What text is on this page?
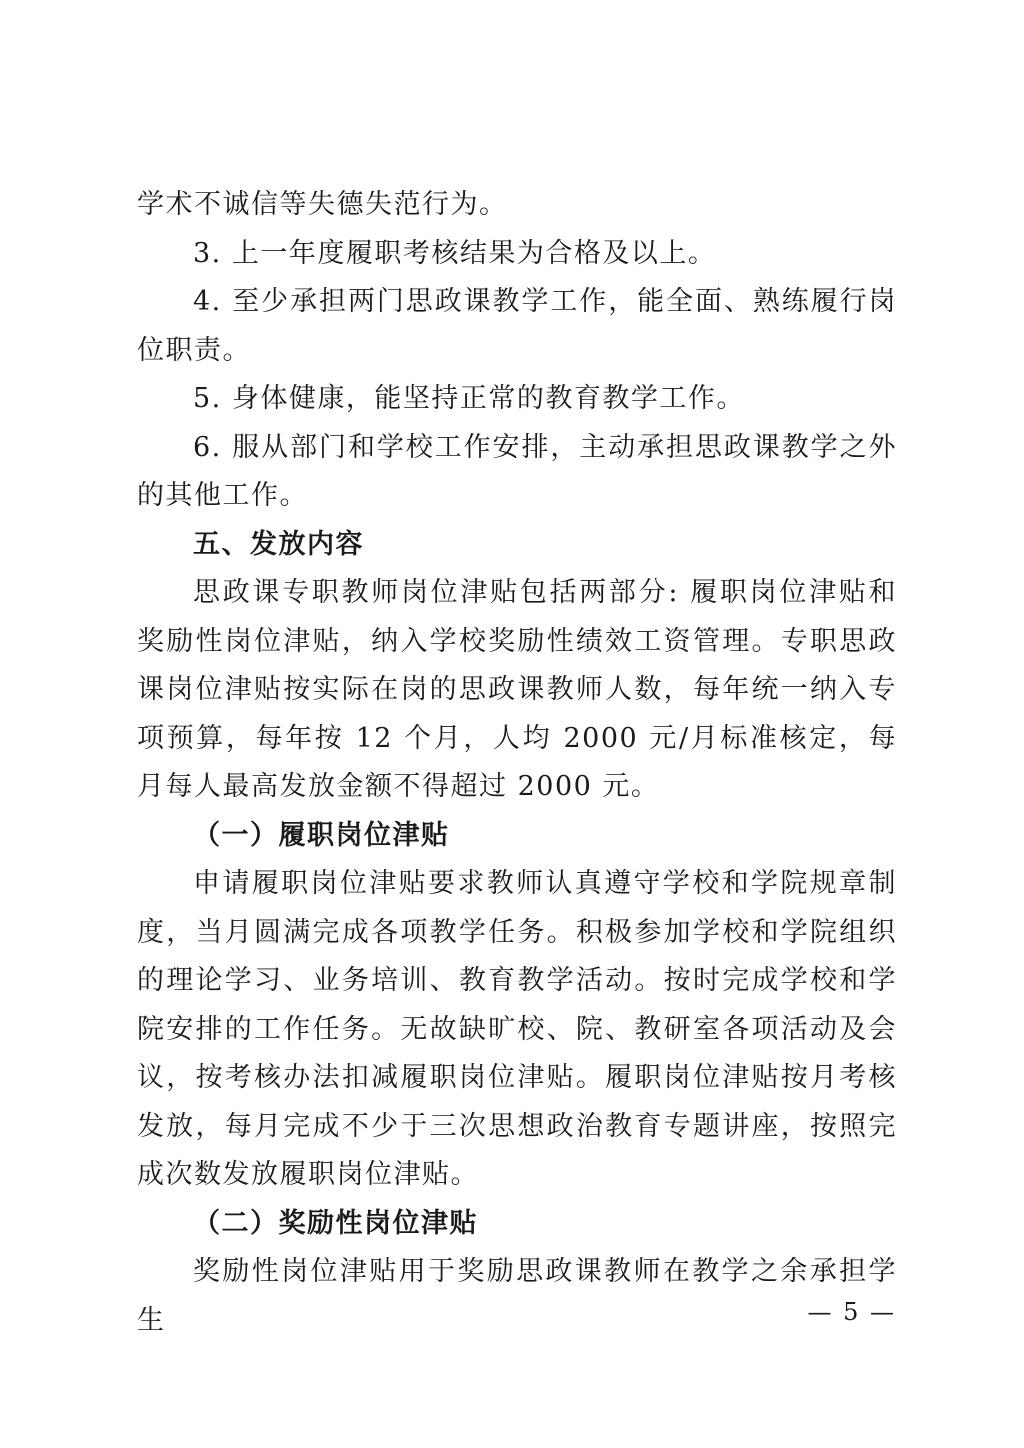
学术不诚信等失德失范行为。

3. 上一年度履职考核结果为合格及以上。

4. 至少承担两门思政课教学工作，能全面、熟练履行岗位职责。

5. 身体健康，能坚持正常的教育教学工作。

6. 服从部门和学校工作安排，主动承担思政课教学之外的其他工作。

五、发放内容

思政课专职教师岗位津贴包括两部分: 履职岗位津贴和奖励性岗位津贴，纳入学校奖励性绩效工资管理。专职思政课岗位津贴按实际在岗的思政课教师人数，每年统一纳入专项预算，每年按 12 个月，人均 2000 元/月标准核定，每月每人最高发放金额不得超过 2000 元。

（一）履职岗位津贴

申请履职岗位津贴要求教师认真遵守学校和学院规章制度，当月圆满完成各项教学任务。积极参加学校和学院组织的理论学习、业务培训、教育教学活动。按时完成学校和学院安排的工作任务。无故缺旷校、院、教研室各项活动及会议，按考核办法扣减履职岗位津贴。履职岗位津贴按月考核发放，每月完成不少于三次思想政治教育专题讲座，按照完成次数发放履职岗位津贴。

（二）奖励性岗位津贴

奖励性岗位津贴用于奖励思政课教师在教学之余承担学生	— 5 —
